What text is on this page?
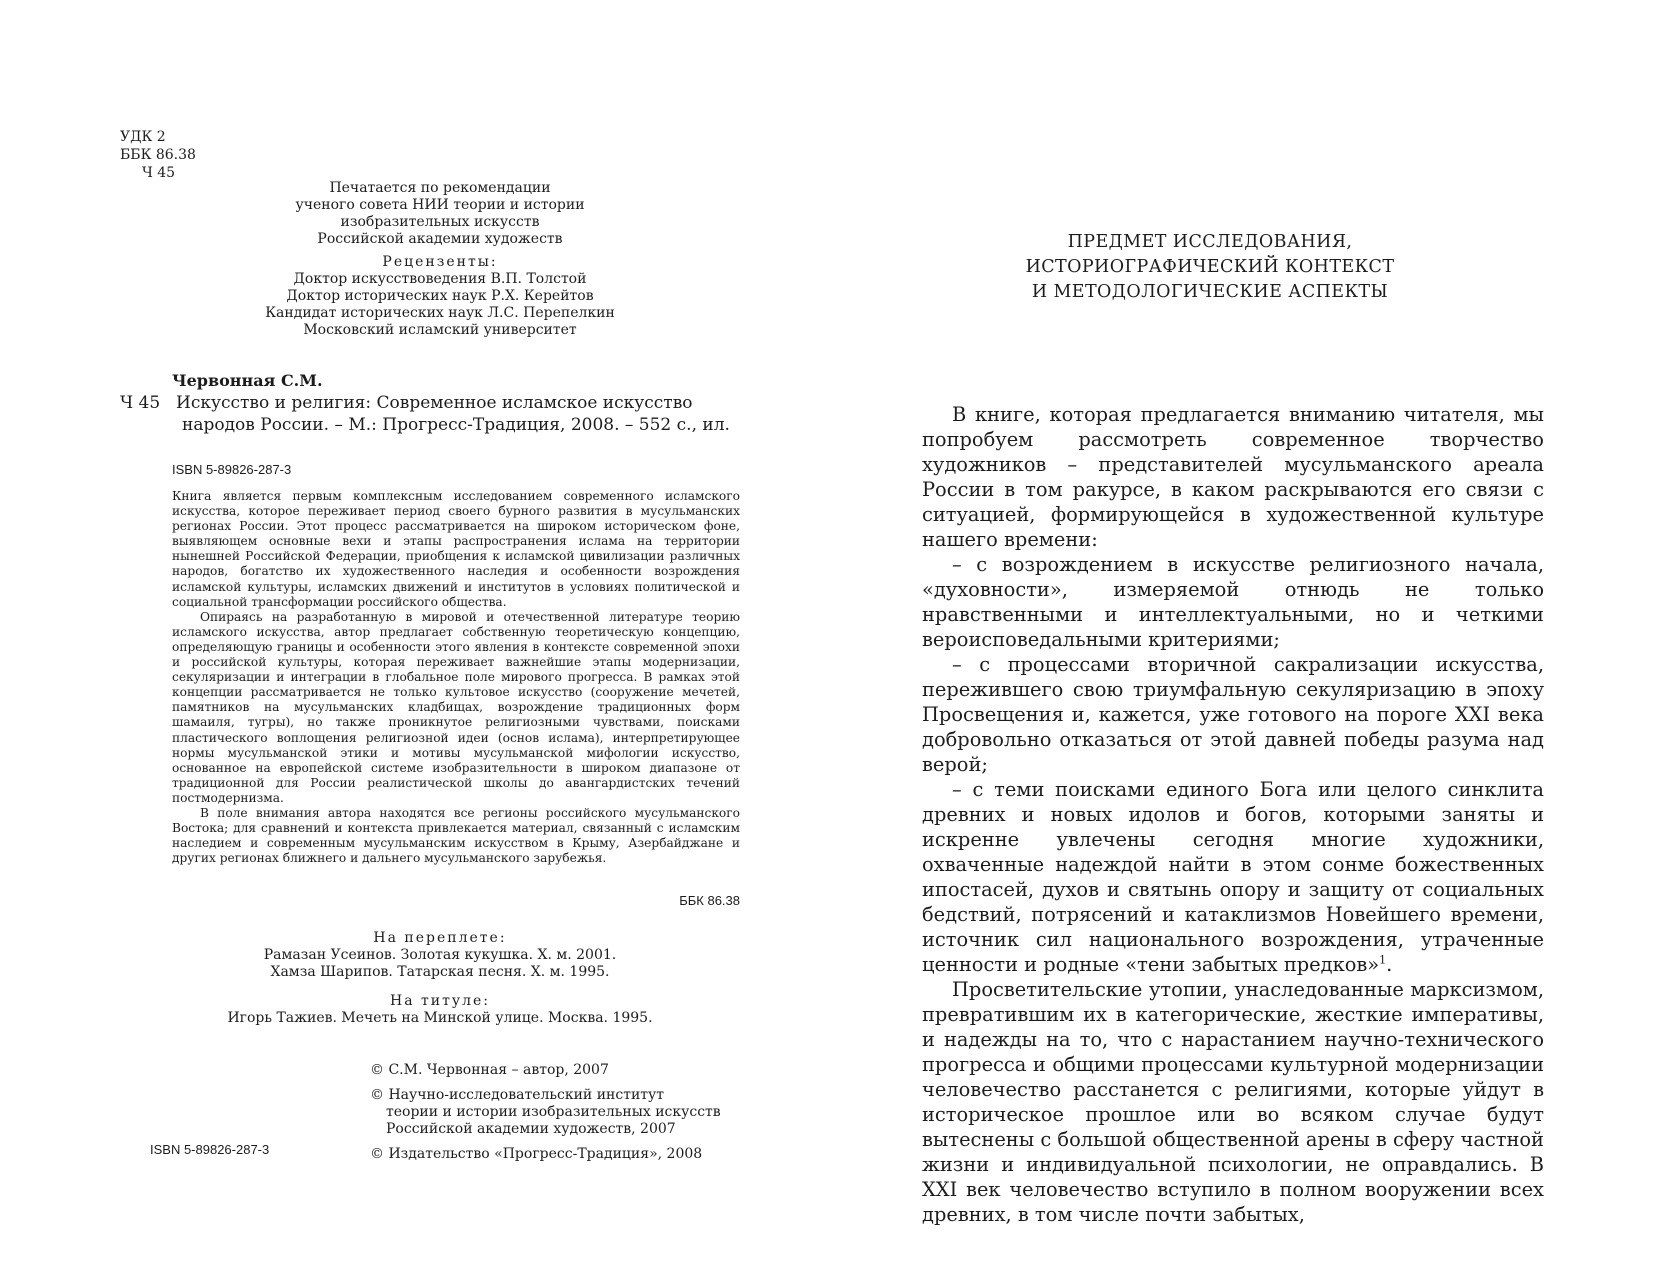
УДК 2
ББК 86.38
Ч 45
Печатается по рекомендации
ученого совета НИИ теории и истории
изобразительных искусств
Российской академии художеств
Рецензенты:
Доктор искусствоведения В.П. Толстой
Доктор исторических наук Р.Х. Керейтов
Кандидат исторических наук Л.С. Перепелкин
Московский исламский университет
Червонная С.М.
Ч 45 Искусство и религия: Современное исламское искусство
народов России. – М.: Прогресс-Традиция, 2008. – 552 с., ил.
ISBN 5-89826-287-3

Книга является первым комплексным исследованием современного исламского искусства, которое переживает период своего бурного развития в мусульманских регионах России. Этот процесс рассматривается на широком историческом фоне, выявляющем основные вехи и этапы распространения ислама на территории нынешней Российской Федерации, приобщения к исламской цивилизации различных народов, богатство их художественного наследия и особенности возрождения исламской культуры, исламских движений и институтов в условиях политической и социальной трансформации российского общества.

Опираясь на разработанную в мировой и отечественной литературе теорию исламского искусства, автор предлагает собственную теоретическую концепцию, определяющую границы и особенности этого явления в контексте современной эпохи и российской культуры, которая переживает важнейшие этапы модернизации, секуляризации и интеграции в глобальное поле мирового прогресса. В рамках этой концепции рассматривается не только культовое искусство (сооружение мечетей, памятников на мусульманских кладбищах, возрождение традиционных форм шамаиля, тугры), но также проникнутое религиозными чувствами, поисками пластического воплощения религиозной идеи (основ ислама), интерпретирующее нормы мусульманской этики и мотивы мусульманской мифологии искусство, основанное на европейской системе изобразительности в широком диапазоне от традиционной для России реалистической школы до авангардистских течений постмодернизма.

В поле внимания автора находятся все регионы российского мусульманского Востока; для сравнений и контекста привлекается материал, связанный с исламским наследием и современным мусульманским искусством в Крыму, Азербайджане и других регионах ближнего и дальнего мусульманского зарубежья.

ББК 86.38
На переплете:
Рамазан Усеинов. Золотая кукушка. Х. м. 2001.
Хамза Шарипов. Татарская песня. Х. м. 1995.
На титуле:
Игорь Тажиев. Мечеть на Минской улице. Москва. 1995.
© С.М. Червонная – автор, 2007
© Научно-исследовательский институт
теории и истории изобразительных искусств
Российской академии художеств, 2007
© Издательство «Прогресс-Традиция», 2008
ISBN 5-89826-287-3
ПРЕДМЕТ ИССЛЕДОВАНИЯ,
ИСТОРИОГРАФИЧЕСКИЙ КОНТЕКСТ
И МЕТОДОЛОГИЧЕСКИЕ АСПЕКТЫ

В книге, которая предлагается вниманию читателя, мы попробуем рассмотреть современное творчество художников – представителей мусульманского ареала России в том ракурсе, в каком раскрываются его связи с ситуацией, формирующейся в художественной культуре нашего времени:

– с возрождением в искусстве религиозного начала, «духовности», измеряемой отнюдь не только нравственными и интеллектуальными, но и четкими вероисповедальными критериями;

– с процессами вторичной сакрализации искусства, пережившего свою триумфальную секуляризацию в эпоху Просвещения и, кажется, уже готового на пороге XXI века добровольно отказаться от этой давней победы разума над верой;

– с теми поисками единого Бога или целого синклита древних и новых идолов и богов, которыми заняты и искренне увлечены сегодня многие художники, охваченные надеждой найти в этом сонме божественных ипостасей, духов и святынь опору и защиту от социальных бедствий, потрясений и катаклизмов Новейшего времени, источник сил национального возрождения, утраченные ценности и родные «тени забытых предков»$^1$.

Просветительские утопии, унаследованные марксизмом, превратившим их в категорические, жесткие императивы, и надежды на то, что с нарастанием научно-технического прогресса и общими процессами культурной модернизации человечество расстанется с религиями, которые уйдут в историческое прошлое или во всяком случае будут вытеснены с большой общественной арены в сферу частной жизни и индивидуальной психологии, не оправдались. В XXI век человечество вступило в полном вооружении всех древних, в том числе почти забытых,
